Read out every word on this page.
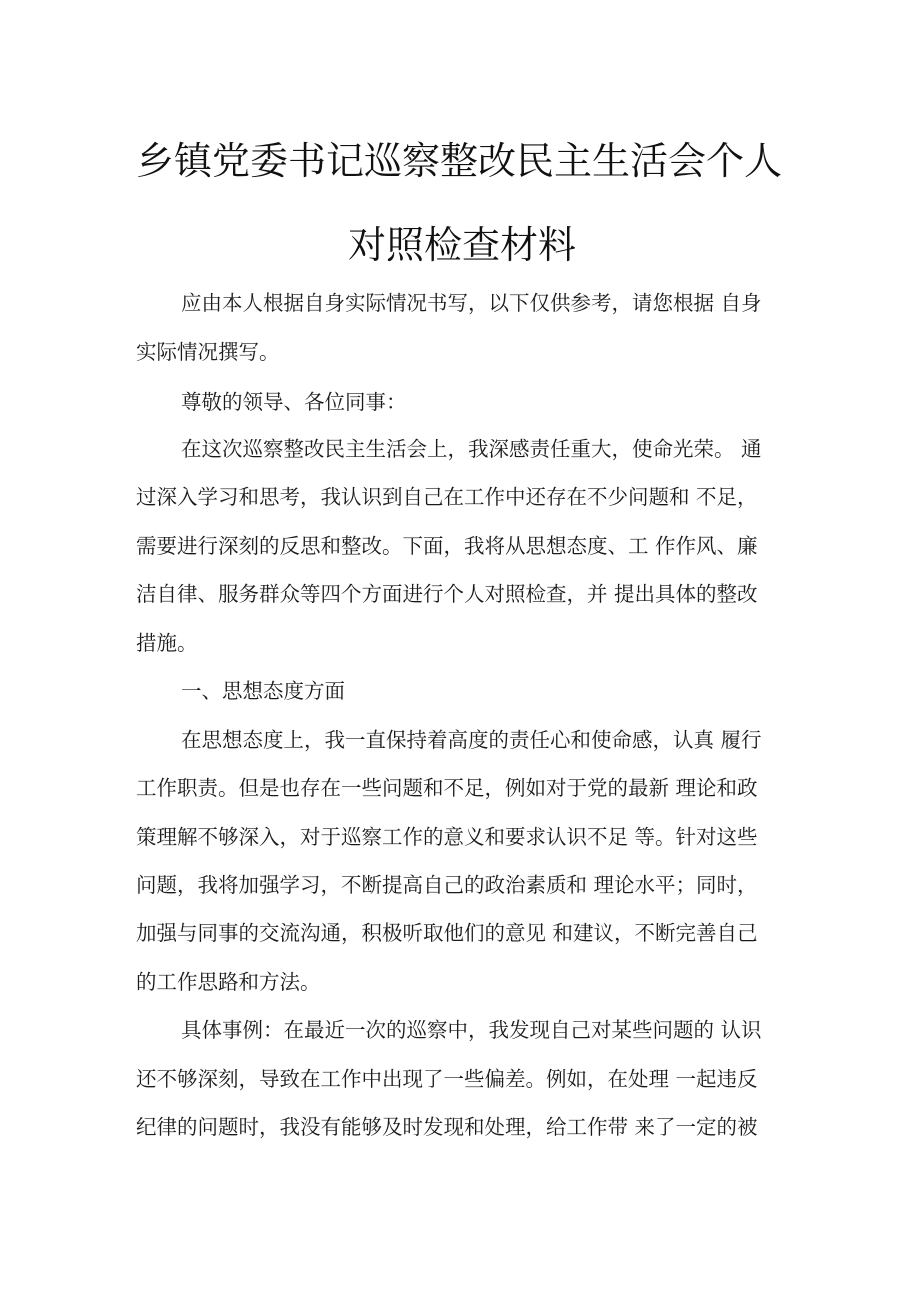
乡镇党委书记巡察整改民主生活会个人
对照检查材料
应由本人根据自身实际情况书写，以下仅供参考，请您根据 自身
实际情况撰写。
尊敬的领导、各位同事：
在这次巡察整改民主生活会上，我深感责任重大，使命光荣。 通
过深入学习和思考，我认识到自己在工作中还存在不少问题和 不足，
需要进行深刻的反思和整改。下面，我将从思想态度、工 作作风、廉
洁自律、服务群众等四个方面进行个人对照检查，并 提出具体的整改
措施。
一、思想态度方面
在思想态度上，我一直保持着高度的责任心和使命感，认真 履行
工作职责。但是也存在一些问题和不足，例如对于党的最新 理论和政
策理解不够深入，对于巡察工作的意义和要求认识不足 等。针对这些
问题，我将加强学习，不断提高自己的政治素质和 理论水平；同时，
加强与同事的交流沟通，积极听取他们的意见 和建议，不断完善自己
的工作思路和方法。
具体事例：在最近一次的巡察中，我发现自己对某些问题的 认识
还不够深刻，导致在工作中出现了一些偏差。例如，在处理 一起违反
纪律的问题时，我没有能够及时发现和处理，给工作带 来了一定的被
